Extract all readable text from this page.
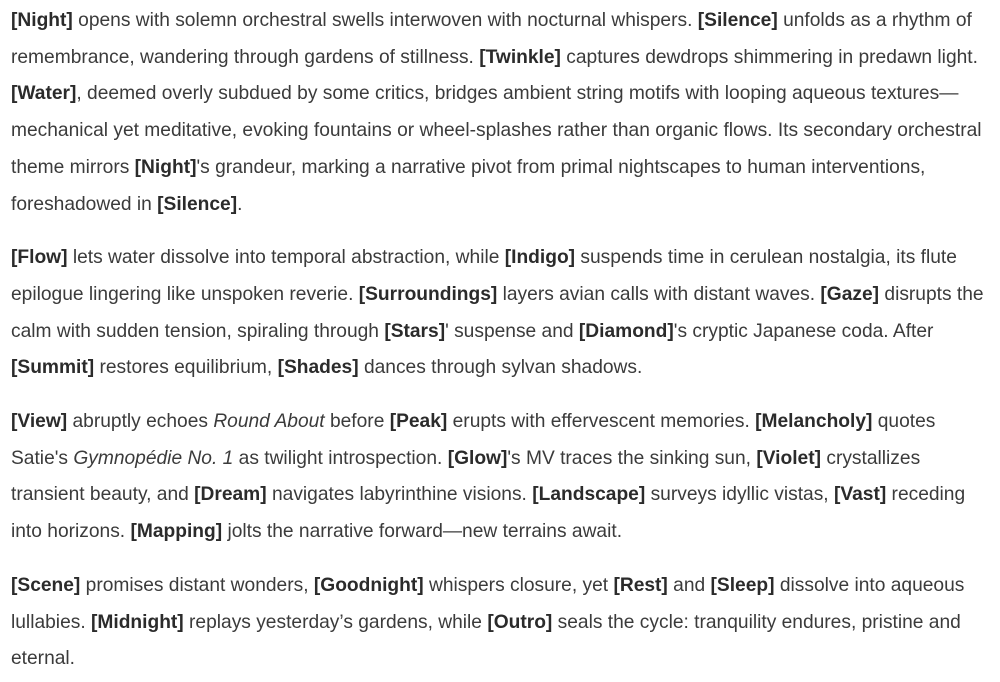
[Night] opens with solemn orchestral swells interwoven with nocturnal whispers. [Silence] unfolds as a rhythm of remembrance, wandering through gardens of stillness. [Twinkle] captures dewdrops shimmering in predawn light. [Water], deemed overly subdued by some critics, bridges ambient string motifs with looping aqueous textures—mechanical yet meditative, evoking fountains or wheel-splashes rather than organic flows. Its secondary orchestral theme mirrors [Night]'s grandeur, marking a narrative pivot from primal nightscapes to human interventions, foreshadowed in [Silence].

[Flow] lets water dissolve into temporal abstraction, while [Indigo] suspends time in cerulean nostalgia, its flute epilogue lingering like unspoken reverie. [Surroundings] layers avian calls with distant waves. [Gaze] disrupts the calm with sudden tension, spiraling through [Stars]' suspense and [Diamond]'s cryptic Japanese coda. After [Summit] restores equilibrium, [Shades] dances through sylvan shadows.

[View] abruptly echoes Round About before [Peak] erupts with effervescent memories. [Melancholy] quotes Satie's Gymnopédie No. 1 as twilight introspection. [Glow]'s MV traces the sinking sun, [Violet] crystallizes transient beauty, and [Dream] navigates labyrinthine visions. [Landscape] surveys idyllic vistas, [Vast] receding into horizons. [Mapping] jolts the narrative forward—new terrains await.

[Scene] promises distant wonders, [Goodnight] whispers closure, yet [Rest] and [Sleep] dissolve into aqueous lullabies. [Midnight] replays yesterday’s gardens, while [Outro] seals the cycle: tranquility endures, pristine and eternal.
